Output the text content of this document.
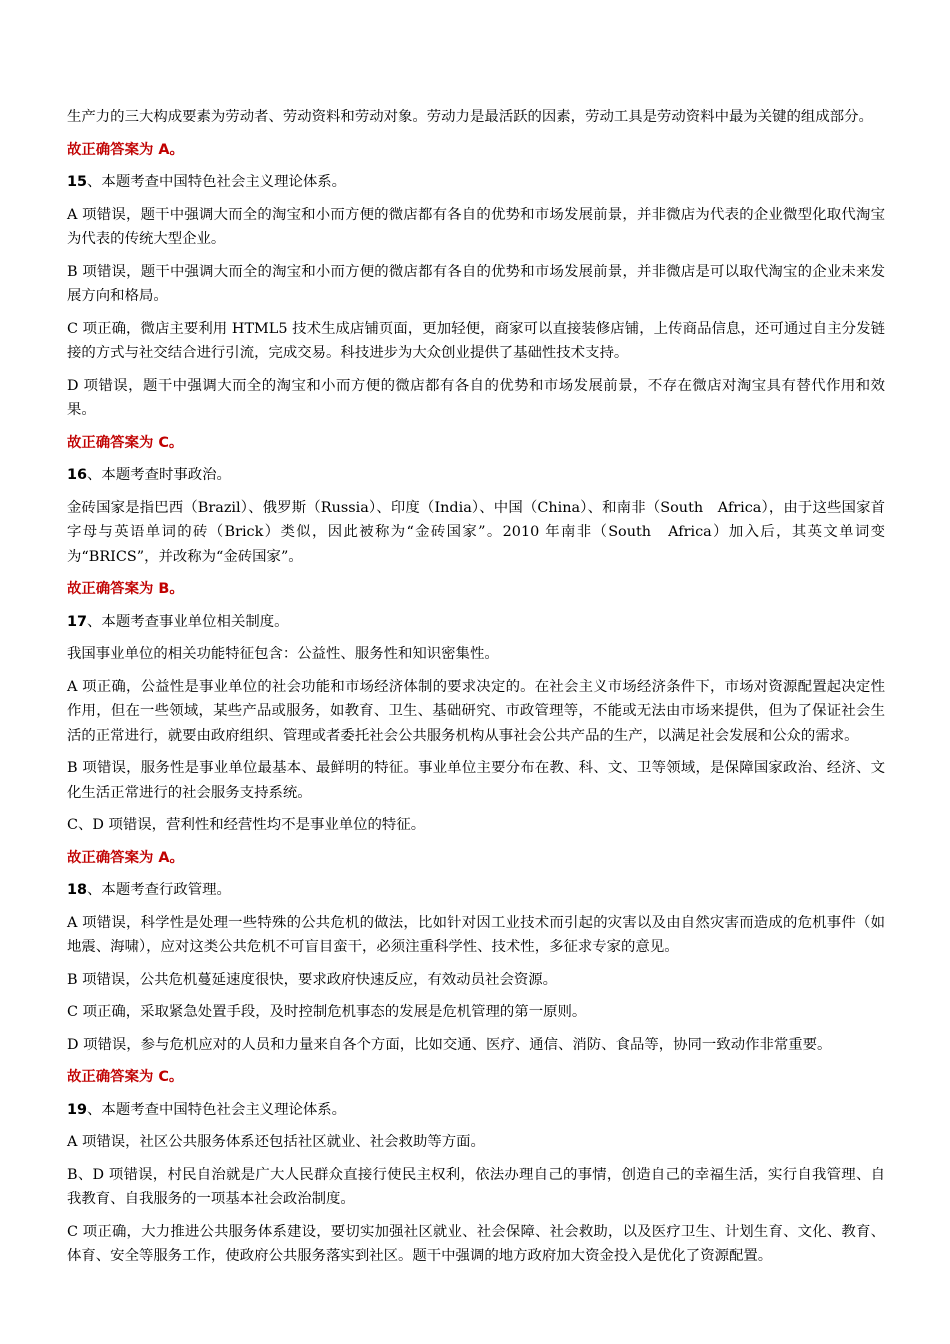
生产力的三大构成要素为劳动者、劳动资料和劳动对象。劳动力是最活跃的因素，劳动工具是劳动资料中最为关键的组成部分。

故正确答案为 A。

15、本题考查中国特色社会主义理论体系。

A 项错误，题干中强调大而全的淘宝和小而方便的微店都有各自的优势和市场发展前景，并非微店为代表的企业微型化取代淘宝为代表的传统大型企业。

B 项错误，题干中强调大而全的淘宝和小而方便的微店都有各自的优势和市场发展前景，并非微店是可以取代淘宝的企业未来发展方向和格局。

C 项正确，微店主要利用 HTML5 技术生成店铺页面，更加轻便，商家可以直接装修店铺，上传商品信息，还可通过自主分发链接的方式与社交结合进行引流，完成交易。科技进步为大众创业提供了基础性技术支持。

D 项错误，题干中强调大而全的淘宝和小而方便的微店都有各自的优势和市场发展前景，不存在微店对淘宝具有替代作用和效果。

故正确答案为 C。

16、本题考查时事政治。

金砖国家是指巴西（Brazil）、俄罗斯（Russia）、印度（India）、中国（China）、和南非（South　Africa），由于这些国家首字母与英语单词的砖（Brick）类似，因此被称为“金砖国家”。2010 年南非（South　Africa）加入后，其英文单词变为“BRICS”，并改称为“金砖国家”。

故正确答案为 B。

17、本题考查事业单位相关制度。

我国事业单位的相关功能特征包含：公益性、服务性和知识密集性。

A 项正确，公益性是事业单位的社会功能和市场经济体制的要求决定的。在社会主义市场经济条件下，市场对资源配置起决定性作用，但在一些领域，某些产品或服务，如教育、卫生、基础研究、市政管理等，不能或无法由市场来提供，但为了保证社会生活的正常进行，就要由政府组织、管理或者委托社会公共服务机构从事社会公共产品的生产，以满足社会发展和公众的需求。

B 项错误，服务性是事业单位最基本、最鲜明的特征。事业单位主要分布在教、科、文、卫等领域，是保障国家政治、经济、文化生活正常进行的社会服务支持系统。

C、D 项错误，营利性和经营性均不是事业单位的特征。

故正确答案为 A。

18、本题考查行政管理。

A 项错误，科学性是处理一些特殊的公共危机的做法，比如针对因工业技术而引起的灾害以及由自然灾害而造成的危机事件（如地震、海啸），应对这类公共危机不可盲目蛮干，必须注重科学性、技术性，多征求专家的意见。

B 项错误，公共危机蔓延速度很快，要求政府快速反应，有效动员社会资源。

C 项正确，采取紧急处置手段，及时控制危机事态的发展是危机管理的第一原则。

D 项错误，参与危机应对的人员和力量来自各个方面，比如交通、医疗、通信、消防、食品等，协同一致动作非常重要。

故正确答案为 C。

19、本题考查中国特色社会主义理论体系。

A 项错误，社区公共服务体系还包括社区就业、社会救助等方面。

B、D 项错误，村民自治就是广大人民群众直接行使民主权利，依法办理自己的事情，创造自己的幸福生活，实行自我管理、自我教育、自我服务的一项基本社会政治制度。

C 项正确，大力推进公共服务体系建设，要切实加强社区就业、社会保障、社会救助，以及医疗卫生、计划生育、文化、教育、体育、安全等服务工作，使政府公共服务落实到社区。题干中强调的地方政府加大资金投入是优化了资源配置。
